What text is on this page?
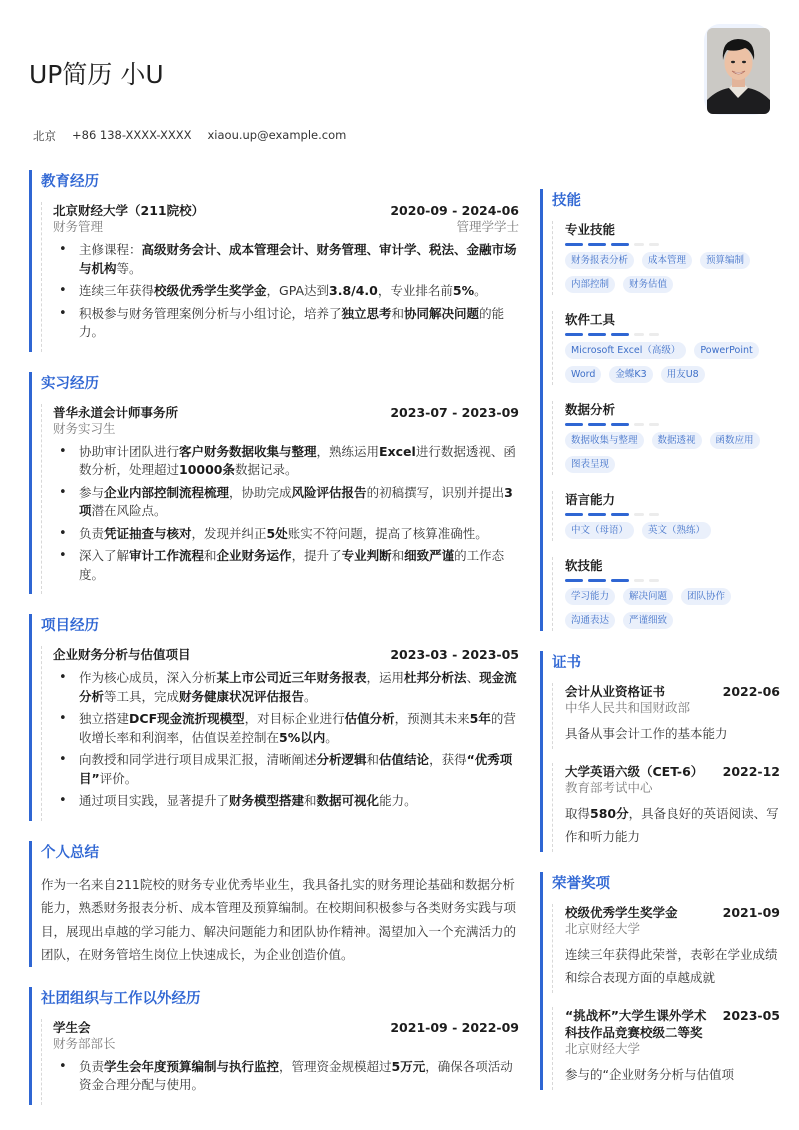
UP简历 小U
北京 +86 138-XXXX-XXXX xiaou.up@example.com
教育经历
北京财经大学（211院校）	2020-09 - 2024-06
财务管理	管理学学士
• 主修课程：高级财务会计、成本管理会计、财务管理、审计学、税法、金融市场与机构等。
• 连续三年获得校级优秀学生奖学金，GPA达到3.8/4.0，专业排名前5%。
• 积极参与财务管理案例分析与小组讨论，培养了独立思考和协同解决问题的能力。
实习经历
普华永道会计师事务所	2023-07 - 2023-09
财务实习生
• 协助审计团队进行客户财务数据收集与整理，熟练运用Excel进行数据透视、函数分析，处理超过10000条数据记录。
• 参与企业内部控制流程梳理，协助完成风险评估报告的初稿撰写，识别并提出3项潜在风险点。
• 负责凭证抽查与核对，发现并纠正5处账实不符问题，提高了核算准确性。
• 深入了解审计工作流程和企业财务运作，提升了专业判断和细致严谨的工作态度。
项目经历
企业财务分析与估值项目	2023-03 - 2023-05
• 作为核心成员，深入分析某上市公司近三年财务报表，运用杜邦分析法、现金流分析等工具，完成财务健康状况评估报告。
• 独立搭建DCF现金流折现模型，对目标企业进行估值分析，预测其未来5年的营收增长率和利润率，估值误差控制在5%以内。
• 向教授和同学进行项目成果汇报，清晰阐述分析逻辑和估值结论，获得“优秀项目”评价。
• 通过项目实践，显著提升了财务模型搭建和数据可视化能力。
个人总结
作为一名来自211院校的财务专业优秀毕业生，我具备扎实的财务理论基础和数据分析能力，熟悉财务报表分析、成本管理及预算编制。在校期间积极参与各类财务实践与项目，展现出卓越的学习能力、解决问题能力和团队协作精神。渴望加入一个充满活力的团队，在财务管培生岗位上快速成长，为企业创造价值。
社团组织与工作以外经历
学生会	2021-09 - 2022-09
财务部部长
• 负责学生会年度预算编制与执行监控，管理资金规模超过5万元，确保各项活动资金合理分配与使用。
技能
专业技能
财务报表分析	成本管理	预算编制
内部控制	财务估值
软件工具
Microsoft Excel（高级）	PowerPoint
Word	金蝶K3	用友U8
数据分析
数据收集与整理	数据透视	函数应用
图表呈现
语言能力
中文（母语）	英文（熟练）
软技能
学习能力	解决问题	团队协作
沟通表达	严谨细致
证书
会计从业资格证书	2022-06
中华人民共和国财政部
具备从事会计工作的基本能力
大学英语六级（CET-6） 2022-12
教育部考试中心
取得580分，具备良好的英语阅读、写作和听力能力
荣誉奖项
校级优秀学生奖学金	2021-09
北京财经大学
连续三年获得此荣誉，表彰在学业成绩和综合表现方面的卓越成就
“挑战杯”大学生课外学术科技作品竞赛校级二等奖
2023-05
北京财经大学
参与的“企业财务分析与估值项
